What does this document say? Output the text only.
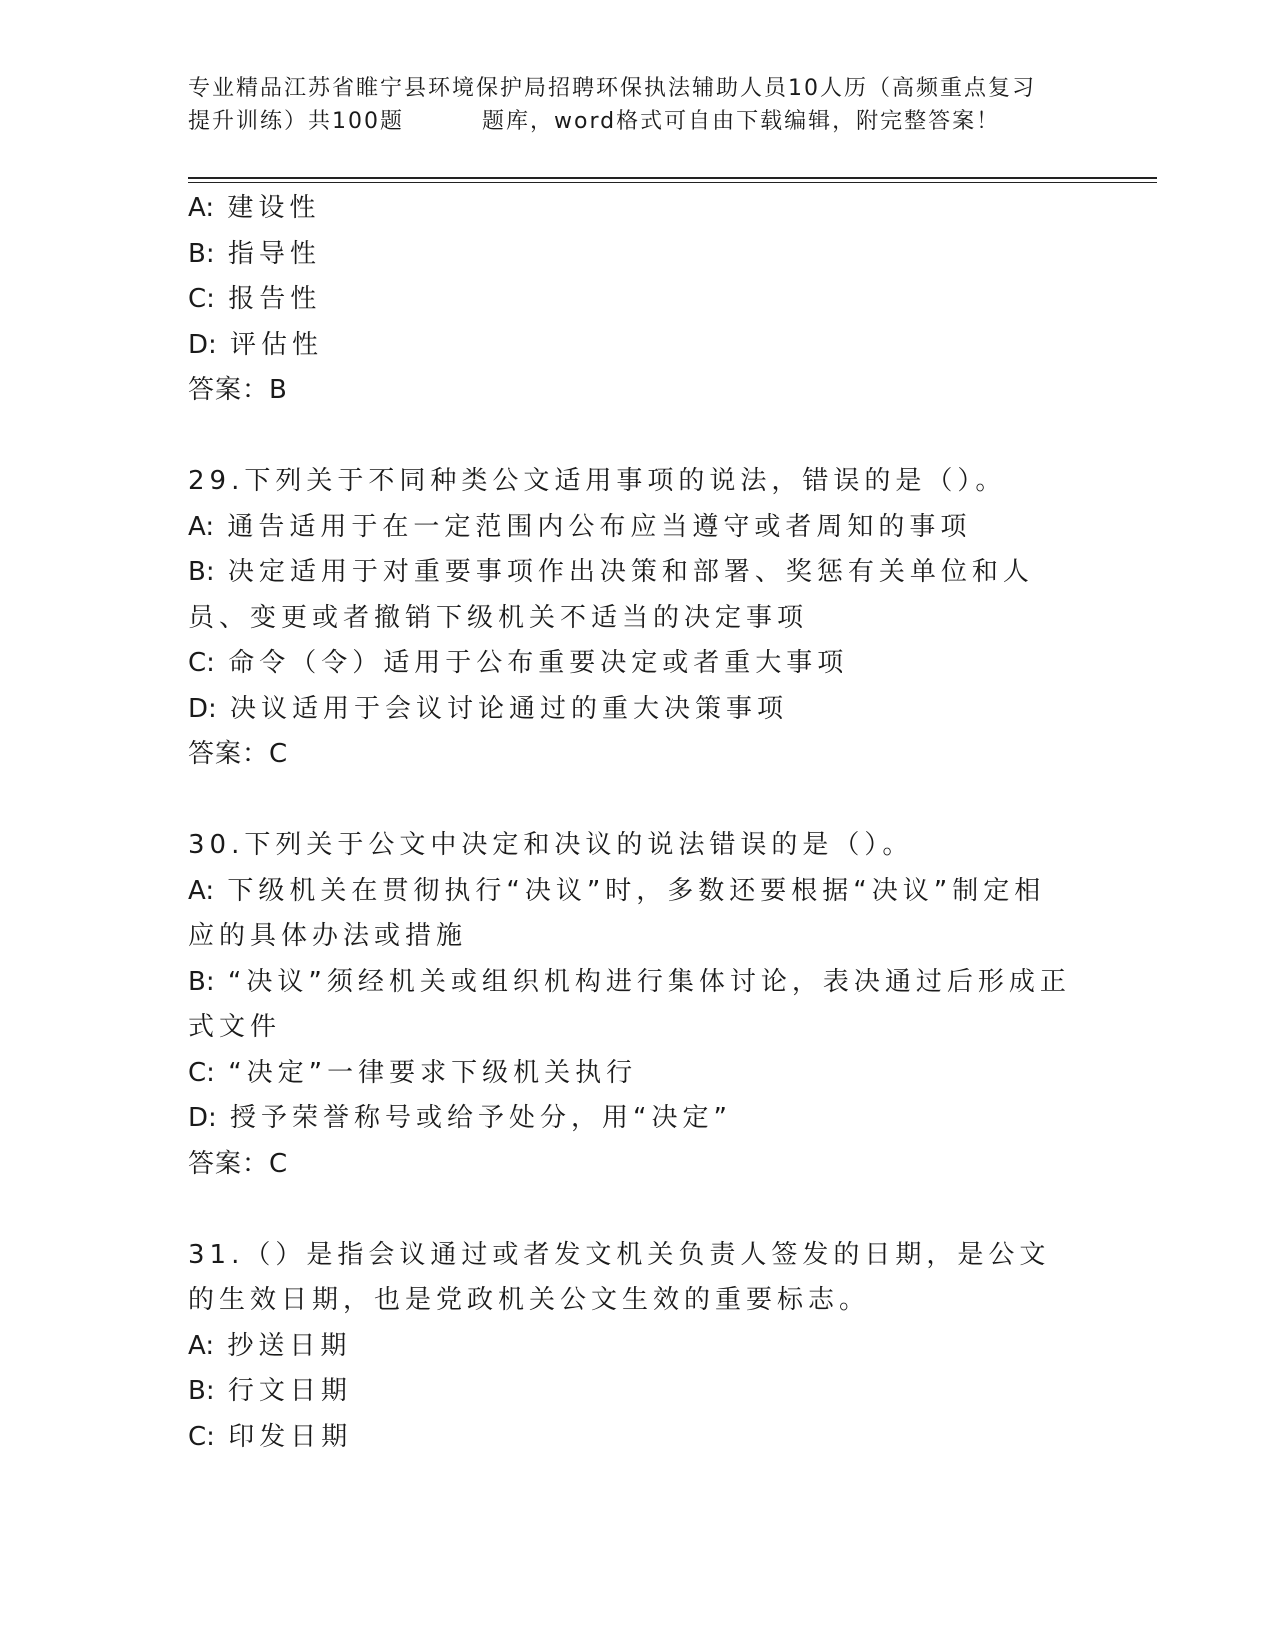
专业精品江苏省睢宁县环境保护局招聘环保执法辅助人员10人历（高频重点复习
提升训练）共100题	题库，word格式可自由下载编辑，附完整答案！
A: 建设性
B: 指导性
C: 报告性
D: 评估性
答案：B
29.下列关于不同种类公文适用事项的说法，错误的是（）。
A: 通告适用于在一定范围内公布应当遵守或者周知的事项
B: 决定适用于对重要事项作出决策和部署、奖惩有关单位和人员、变更或者撤销下级机关不适当的决定事项
C: 命令（令）适用于公布重要决定或者重大事项
D: 决议适用于会议讨论通过的重大决策事项
答案：C
30.下列关于公文中决定和决议的说法错误的是（）。
A: 下级机关在贯彻执行“决议”时，多数还要根据“决议”制定相应的具体办法或措施
B: “决议”须经机关或组织机构进行集体讨论，表决通过后形成正式文件
C: “决定”一律要求下级机关执行
D: 授予荣誉称号或给予处分，用“决定”
答案：C
31.（）是指会议通过或者发文机关负责人签发的日期，是公文的生效日期，也是党政机关公文生效的重要标志。
A: 抄送日期
B: 行文日期
C: 印发日期
